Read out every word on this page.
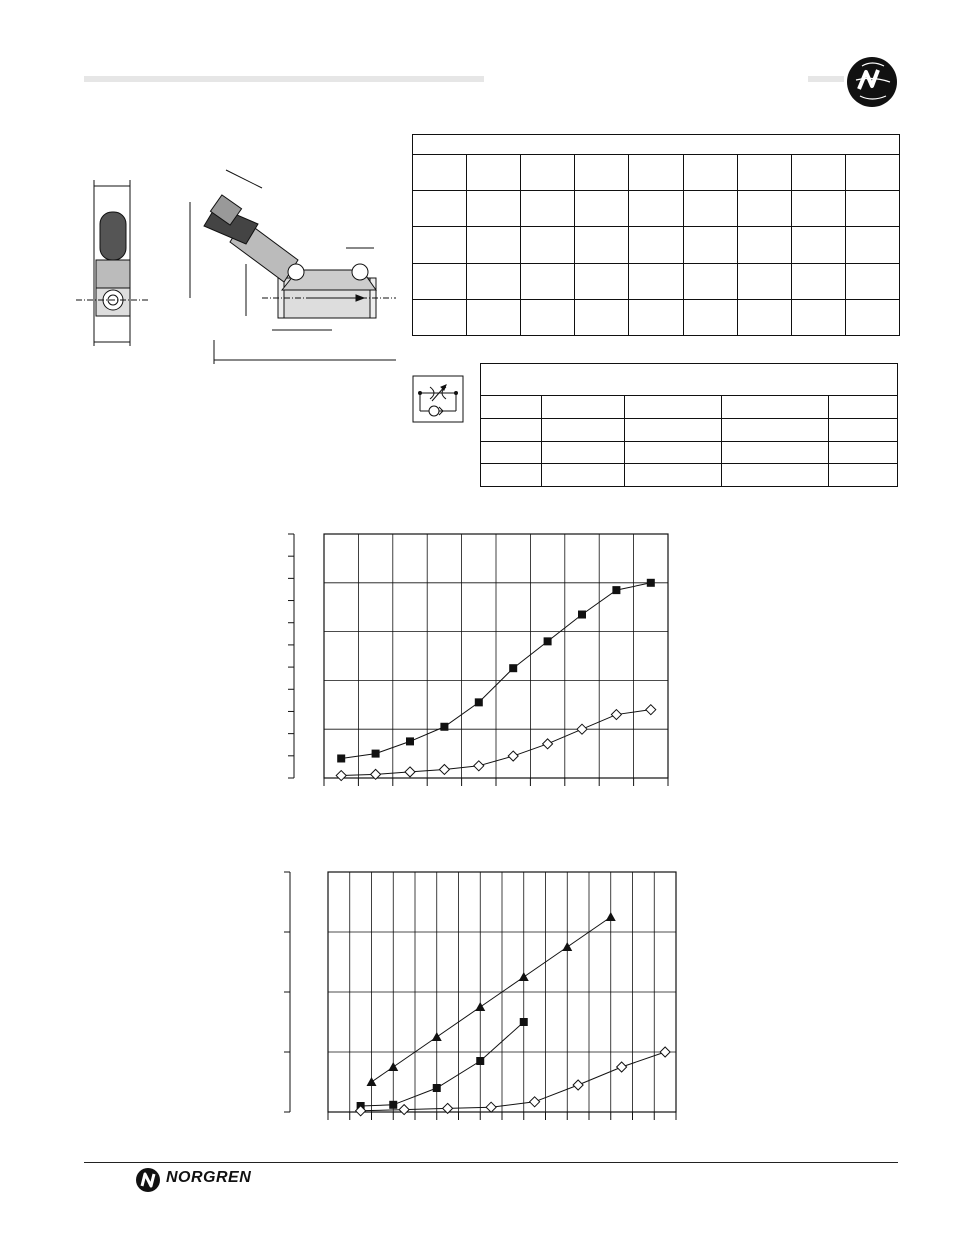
NORGREN
